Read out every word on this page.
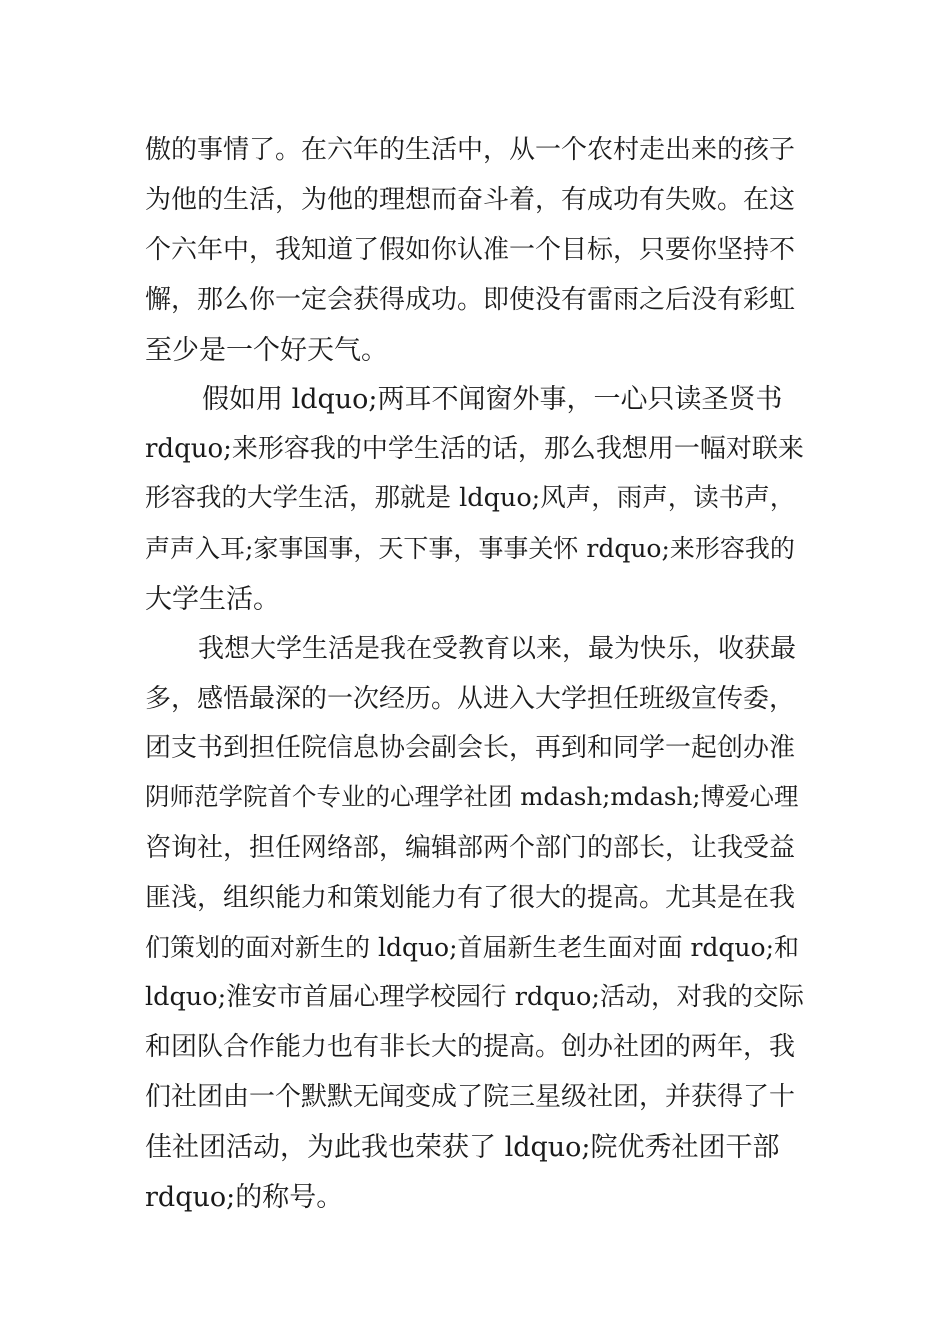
傲的事情了。在六年的生活中，从一个农村走出来的孩子

为他的生活，为他的理想而奋斗着，有成功有失败。在这

个六年中，我知道了假如你认准一个目标，只要你坚持不

懈，那么你一定会获得成功。即使没有雷雨之后没有彩虹

至少是一个好天气。

假如用 ldquo;两耳不闻窗外事，一心只读圣贤书

rdquo;来形容我的中学生活的话，那么我想用一幅对联来

形容我的大学生活，那就是 ldquo;风声，雨声，读书声，

声声入耳;家事国事，天下事，事事关怀 rdquo;来形容我的

大学生活。

我想大学生活是我在受教育以来，最为快乐，收获最

多，感悟最深的一次经历。从进入大学担任班级宣传委，

团支书到担任院信息协会副会长，再到和同学一起创办淮

阴师范学院首个专业的心理学社团 mdash;mdash;博爱心理

咨询社，担任网络部，编辑部两个部门的部长，让我受益

匪浅，组织能力和策划能力有了很大的提高。尤其是在我

们策划的面对新生的 ldquo;首届新生老生面对面 rdquo;和

ldquo;淮安市首届心理学校园行 rdquo;活动，对我的交际

和团队合作能力也有非长大的提高。创办社团的两年，我

们社团由一个默默无闻变成了院三星级社团，并获得了十

佳社团活动，为此我也荣获了 ldquo;院优秀社团干部

rdquo;的称号。
